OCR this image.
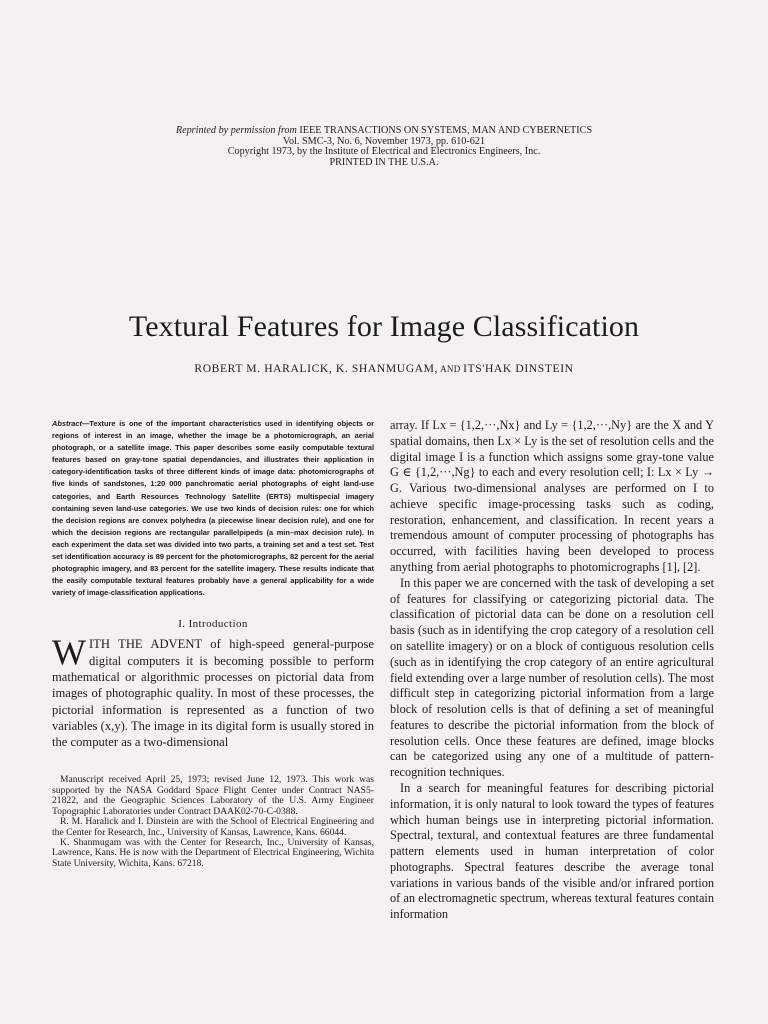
Reprinted by permission from IEEE TRANSACTIONS ON SYSTEMS, MAN AND CYBERNETICS
Vol. SMC-3, No. 6, November 1973, pp. 610-621
Copyright 1973, by the Institute of Electrical and Electronics Engineers, Inc.
PRINTED IN THE U.S.A.
Textural Features for Image Classification
ROBERT M. HARALICK, K. SHANMUGAM, AND ITS'HAK DINSTEIN

Abstract—Texture is one of the important characteristics used in identifying objects or regions of interest in an image, whether the image be a photomicrograph, an aerial photograph, or a satellite image. This paper describes some easily computable textural features based on gray-tone spatial dependancies, and illustrates their application in category-identification tasks of three different kinds of image data: photomicrographs of five kinds of sandstones, 1:20 000 panchromatic aerial photographs of eight land-use categories, and Earth Resources Technology Satellite (ERTS) multispecial imagery containing seven land-use categories. We use two kinds of decision rules: one for which the decision regions are convex polyhedra (a piecewise linear decision rule), and one for which the decision regions are rectangular parallelpipeds (a min–max decision rule). In each experiment the data set was divided into two parts, a training set and a test set. Test set identification accuracy is 89 percent for the photomicrographs, 82 percent for the aerial photographic imagery, and 83 percent for the satellite imagery. These results indicate that the easily computable textural features probably have a general applicability for a wide variety of image-classification applications.

I. Introduction

WITH THE ADVENT of high-speed general-purpose digital computers it is becoming possible to perform mathematical or algorithmic processes on pictorial data from images of photographic quality. In most of these processes, the pictorial information is represented as a function of two variables (x,y). The image in its digital form is usually stored in the computer as a two-dimensional

Manuscript received April 25, 1973; revised June 12, 1973. This work was supported by the NASA Goddard Space Flight Center under Contract NAS5-21822, and the Geographic Sciences Laboratory of the U.S. Army Engineer Topographic Laboratories under Contract DAAK02-70-C-0388.

R. M. Haralick and I. Dinstein are with the School of Electrical Engineering and the Center for Research, Inc., University of Kansas, Lawrence, Kans. 66044.

K. Shanmugam was with the Center for Research, Inc., University of Kansas, Lawrence, Kans. He is now with the Department of Electrical Engineering, Wichita State University, Wichita, Kans. 67218.

array. If Lx = {1,2,···,Nx} and Ly = {1,2,···,Ny} are the X and Y spatial domains, then Lx × Ly is the set of resolution cells and the digital image I is a function which assigns some gray-tone value G ∈ {1,2,···,Ng} to each and every resolution cell; I: Lx × Ly → G. Various two-dimensional analyses are performed on I to achieve specific image-processing tasks such as coding, restoration, enhancement, and classification. In recent years a tremendous amount of computer processing of photographs has occurred, with facilities having been developed to process anything from aerial photographs to photomicrographs [1], [2].

In this paper we are concerned with the task of developing a set of features for classifying or categorizing pictorial data. The classification of pictorial data can be done on a resolution cell basis (such as in identifying the crop category of a resolution cell on satellite imagery) or on a block of contiguous resolution cells (such as in identifying the crop category of an entire agricultural field extending over a large number of resolution cells). The most difficult step in categorizing pictorial information from a large block of resolution cells is that of defining a set of meaningful features to describe the pictorial information from the block of resolution cells. Once these features are defined, image blocks can be categorized using any one of a multitude of pattern-recognition techniques.

In a search for meaningful features for describing pictorial information, it is only natural to look toward the types of features which human beings use in interpreting pictorial information. Spectral, textural, and contextual features are three fundamental pattern elements used in human interpretation of color photographs. Spectral features describe the average tonal variations in various bands of the visible and/or infrared portion of an electromagnetic spectrum, whereas textural features contain information
